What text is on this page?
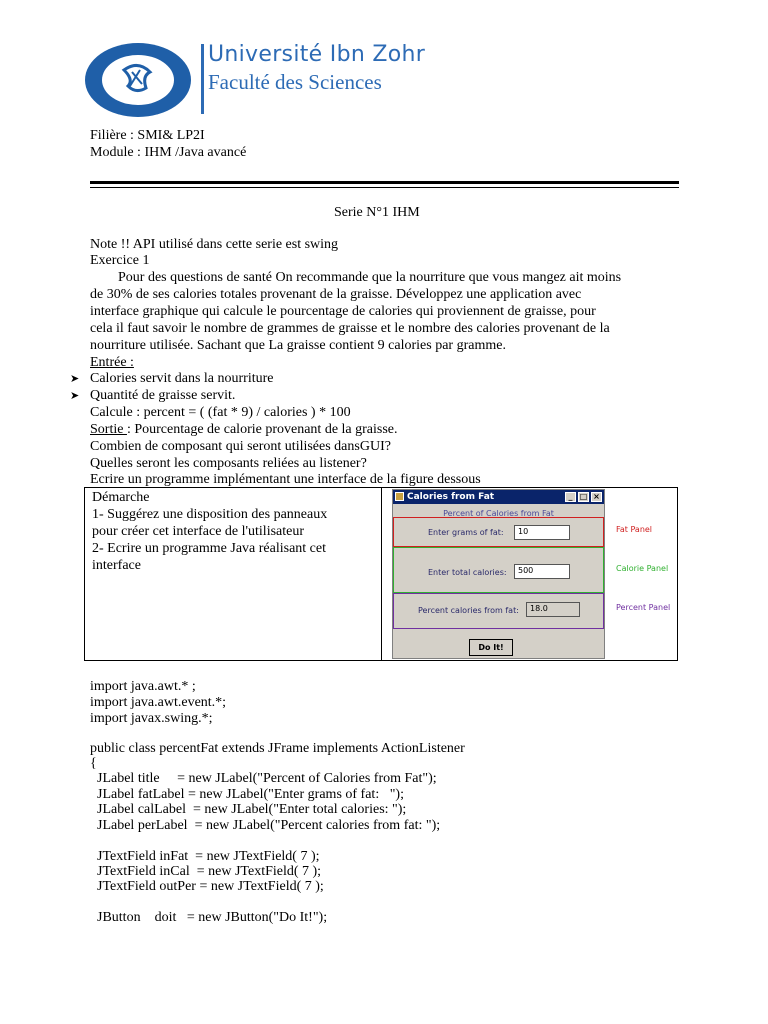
Université Ibn Zohr
Faculté des Sciences
Filière : SMI& LP2I
Module : IHM /Java avancé
Serie N°1 IHM
Note !! API utilisé dans cette serie est swing
Exercice 1
Pour des questions de santé On recommande que la nourriture que vous mangez ait moins
de 30% de ses calories totales provenant de la graisse. Développez une application avec
interface graphique qui calcule le pourcentage de calories qui proviennent de graisse, pour
cela il faut savoir le nombre de grammes de graisse et le nombre des calories provenant de la
nourriture utilisée. Sachant que La graisse contient 9 calories par gramme.
Entrée :
➤ Calories servit dans la nourriture
➤ Quantité de graisse servit.
Calcule : percent = ( (fat * 9) / calories ) * 100
Sortie : Pourcentage de calorie provenant de la graisse.
Combien de composant qui seront utilisées dansGUI?
Quelles seront les composants reliées au listener?
Ecrire un programme implémentant une interface de la figure dessous
Démarche
1- Suggérez une disposition des panneaux
pour créer cet interface de l'utilisateur
2- Ecrire un programme Java réalisant cet
interface
Calories from Fat	_ □ ×
Percent of Calories from Fat
Enter grams of fat:	10
Enter total calories:	500
Percent calories from fat:	18.0
Do It!
Fat Panel
Calorie Panel
Percent Panel
import java.awt.* ;
import java.awt.event.*;
import javax.swing.*;
public class percentFat extends JFrame implements ActionListener
{
JLabel title     = new JLabel("Percent of Calories from Fat");
JLabel fatLabel = new JLabel("Enter grams of fat:   ");
JLabel calLabel  = new JLabel("Enter total calories: ");
JLabel perLabel  = new JLabel("Percent calories from fat: ");
JTextField inFat  = new JTextField( 7 );
JTextField inCal  = new JTextField( 7 );
JTextField outPer = new JTextField( 7 );
JButton    doit   = new JButton("Do It!");
